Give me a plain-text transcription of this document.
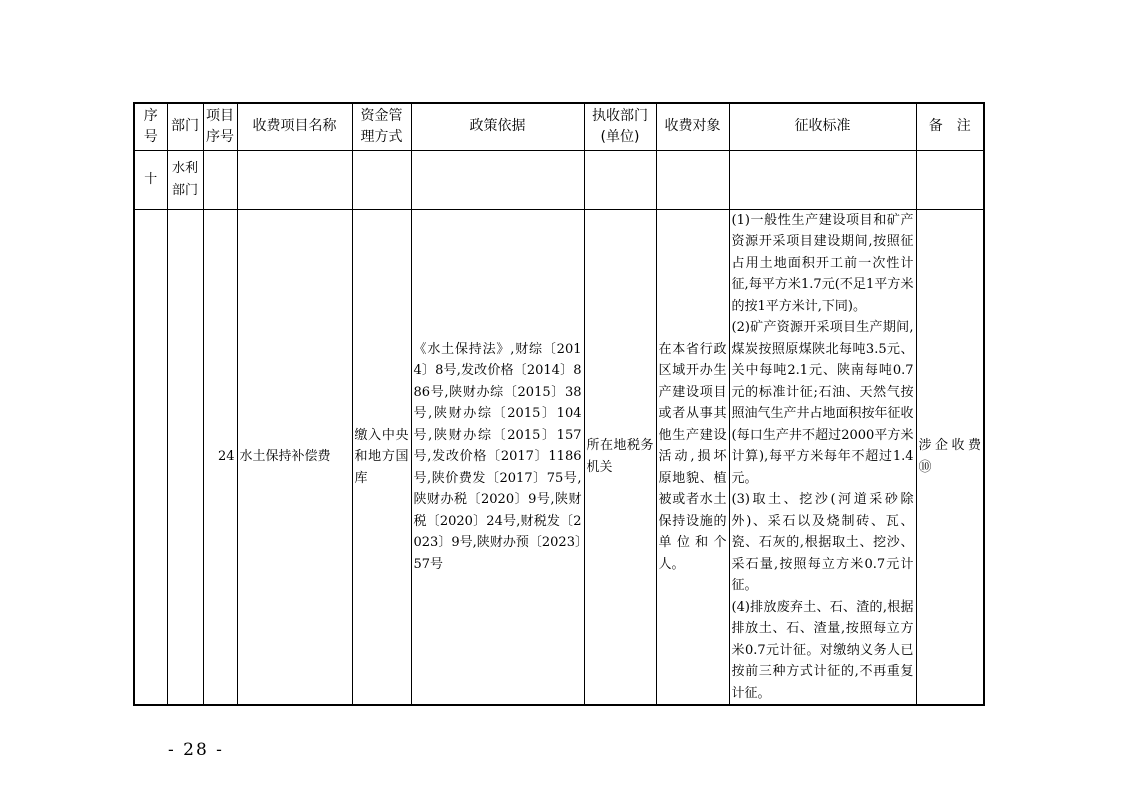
序号	部门	项目序号	收费项目名称	资金管理方式	政策依据	执收部门(单位)	收费对象	征收标准	备　注
十	水利部门								
		24	水土保持补偿费	缴入中央和地方国库	《水土保持法》,财综〔2014〕8号,发改价格〔2014〕886号,陕财办综〔2015〕38号,陕财办综〔2015〕104号,陕财办综〔2015〕157号,发改价格〔2017〕1186号,陕价费发〔2017〕75号,陕财办税〔2020〕9号,陕财税〔2020〕24号,财税发〔2023〕9号,陕财办预〔2023〕57号	所在地税务机关	在本省行政区域开办生产建设项目或者从事其他生产建设活动,损坏原地貌、植被或者水土保持设施的单位和个人。	(1)一般性生产建设项目和矿产资源开采项目建设期间,按照征占用土地面积开工前一次性计征,每平方米1.7元(不足1平方米的按1平方米计,下同)。
(2)矿产资源开采项目生产期间,煤炭按照原煤陕北每吨3.5元、关中每吨2.1元、陕南每吨0.7元的标准计征;石油、天然气按照油气生产井占地面积按年征收(每口生产井不超过2000平方米计算),每平方米每年不超过1.4元。
(3)取土、挖沙(河道采砂除外)、采石以及烧制砖、瓦、瓷、石灰的,根据取土、挖沙、采石量,按照每立方米0.7元计征。
(4)排放废弃土、石、渣的,根据排放土、石、渣量,按照每立方米0.7元计征。对缴纳义务人已按前三种方式计征的,不再重复计征。	涉企收费⑩
- 28 -
